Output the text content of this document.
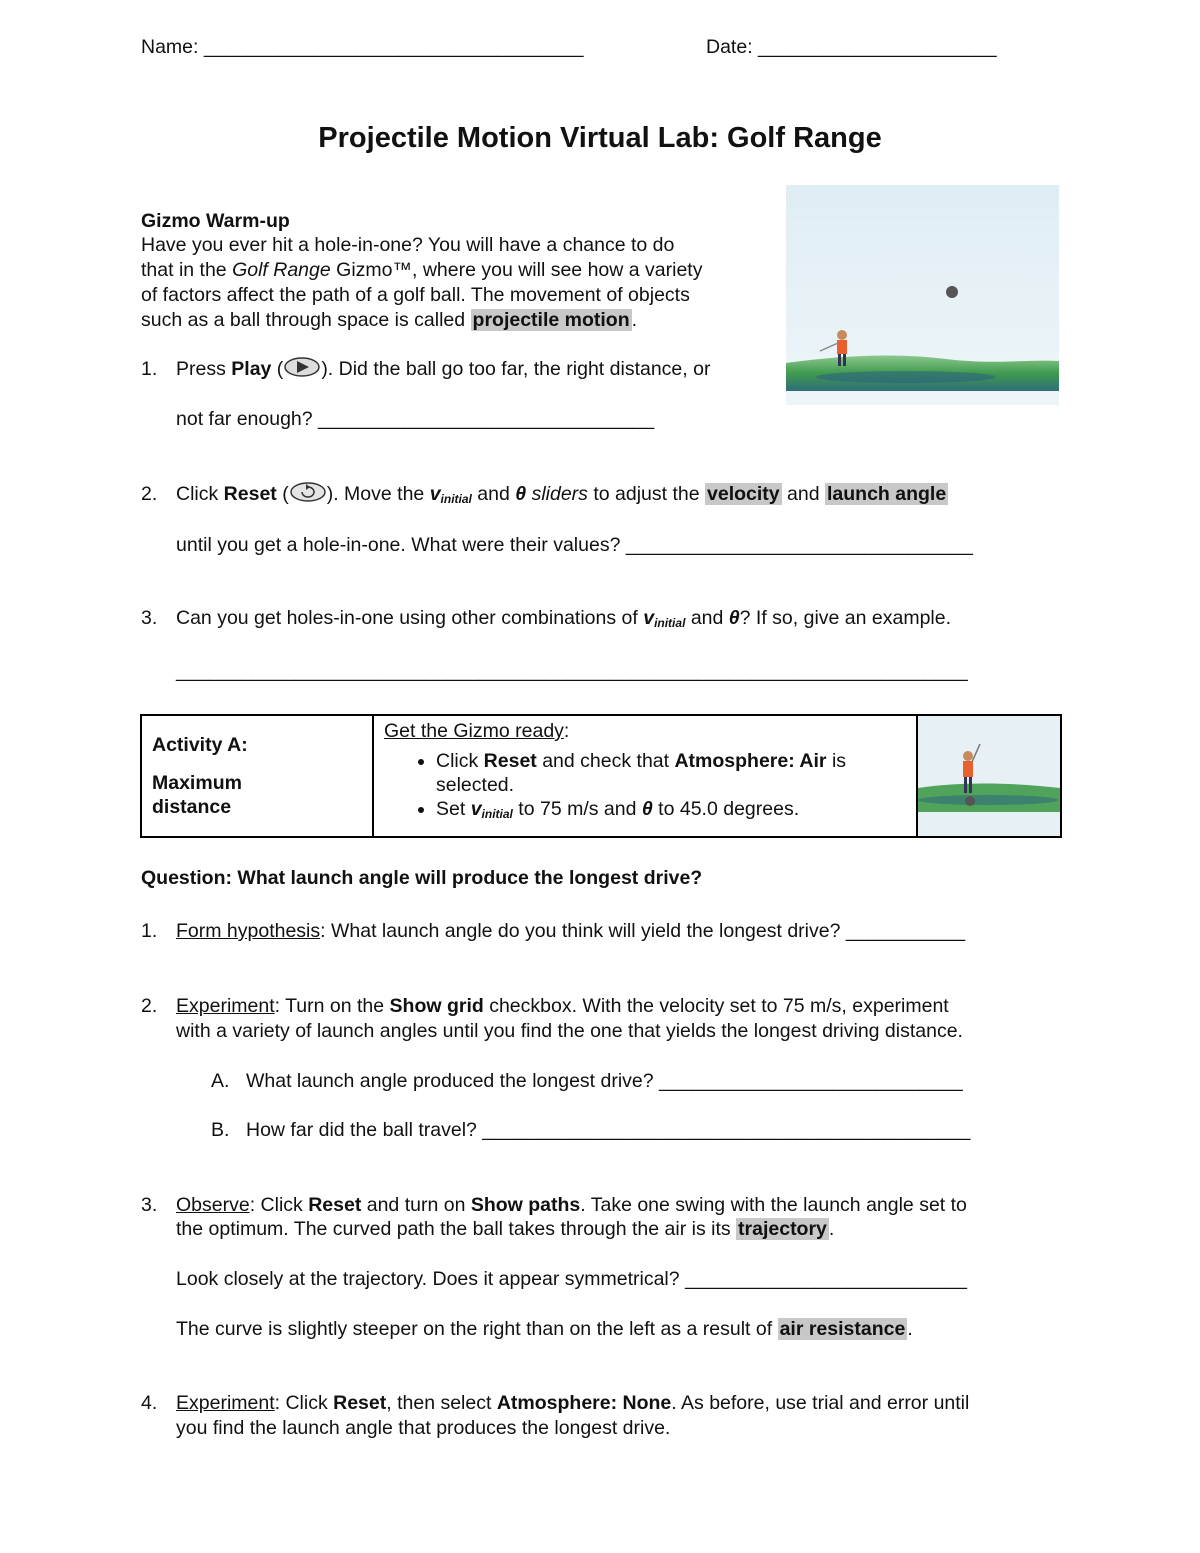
Name: ___________________________________	Date: ______________________
Projectile Motion Virtual Lab: Golf Range
Gizmo Warm-up
Have you ever hit a hole-in-one? You will have a chance to do
that in the Golf Range Gizmo™, where you will see how a variety
of factors affect the path of a golf ball. The movement of objects
such as a ball through space is called projectile motion .
1. Press Play ( ). Did the ball go too far, the right distance, or
not far enough? _______________________________
2. Click Reset ( ). Move the vinitial and θ sliders to adjust the velocity and launch angle
until you get a hole-in-one. What were their values? ________________________________
3. Can you get holes-in-one using other combinations of vinitial and θ? If so, give an example.
_________________________________________________________________________
Activity A:
Maximum distance

Get the Gizmo ready:
• Click Reset and check that Atmosphere: Air is selected.
• Set vinitial to 75 m/s and θ to 45.0 degrees.

Question: What launch angle will produce the longest drive?
1. Form hypothesis: What launch angle do you think will yield the longest drive? ___________
2. Experiment: Turn on the Show grid checkbox. With the velocity set to 75 m/s, experiment
with a variety of launch angles until you find the one that yields the longest driving distance.
A. What launch angle produced the longest drive? ____________________________
B. How far did the ball travel? _____________________________________________
3. Observe: Click Reset and turn on Show paths. Take one swing with the launch angle set to
the optimum. The curved path the ball takes through the air is its trajectory .
Look closely at the trajectory. Does it appear symmetrical? __________________________
The curve is slightly steeper on the right than on the left as a result of air resistance .
4. Experiment: Click Reset, then select Atmosphere: None. As before, use trial and error until
you find the launch angle that produces the longest drive.
